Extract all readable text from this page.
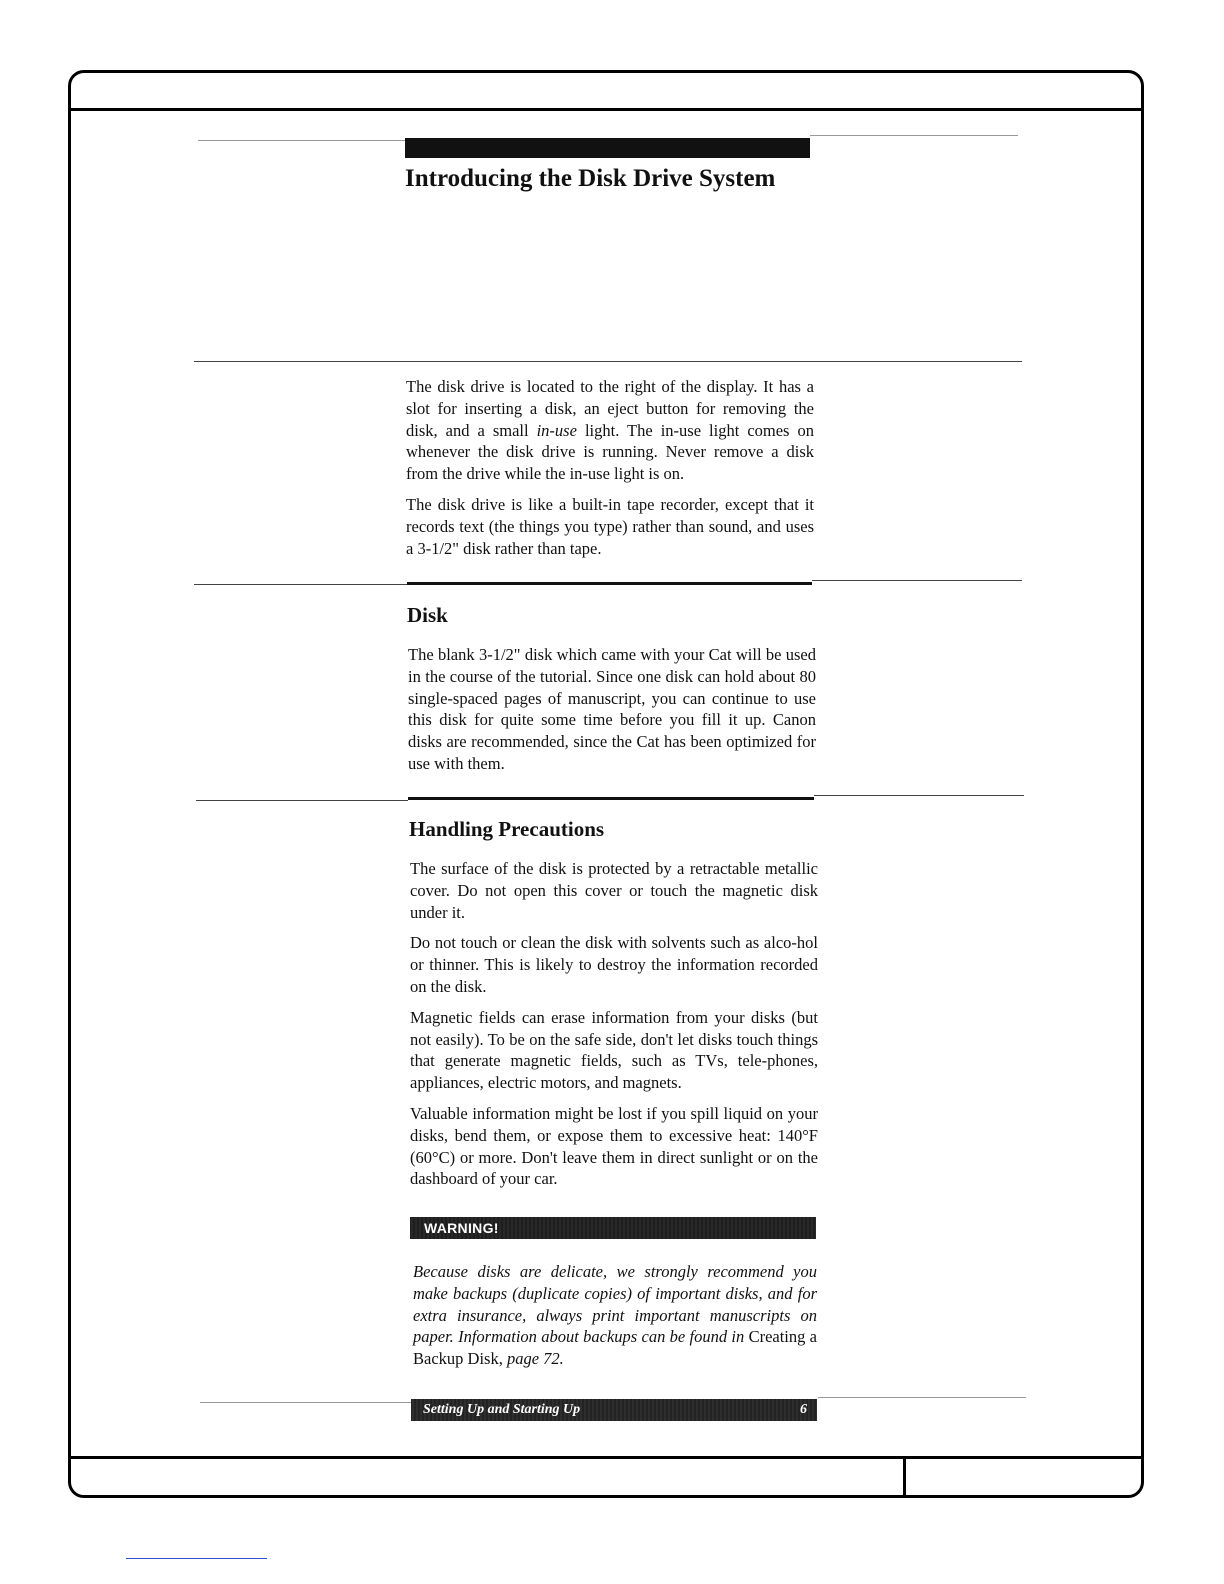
Introducing the Disk Drive System

The disk drive is located to the right of the display. It has a slot for inserting a disk, an eject button for removing the disk, and a small in-use light. The in-use light comes on whenever the disk drive is running. Never remove a disk from the drive while the in-use light is on.

The disk drive is like a built-in tape recorder, except that it records text (the things you type) rather than sound, and uses a 3-1/2" disk rather than tape.

Disk

The blank 3-1/2" disk which came with your Cat will be used in the course of the tutorial. Since one disk can hold about 80 single-spaced pages of manuscript, you can continue to use this disk for quite some time before you fill it up. Canon disks are recommended, since the Cat has been optimized for use with them.

Handling Precautions

The surface of the disk is protected by a retractable metallic cover. Do not open this cover or touch the magnetic disk under it.

Do not touch or clean the disk with solvents such as alco-hol or thinner. This is likely to destroy the information recorded on the disk.

Magnetic fields can erase information from your disks (but not easily). To be on the safe side, don't let disks touch things that generate magnetic fields, such as TVs, tele-phones, appliances, electric motors, and magnets.

Valuable information might be lost if you spill liquid on your disks, bend them, or expose them to excessive heat: 140°F (60°C) or more. Don't leave them in direct sunlight or on the dashboard of your car.

WARNING!
Because disks are delicate, we strongly recommend you make backups (duplicate copies) of important disks, and for extra insurance, always print important manuscripts on paper. Information about backups can be found in Creating a Backup Disk, page 72.
Setting Up and Starting Up	6
